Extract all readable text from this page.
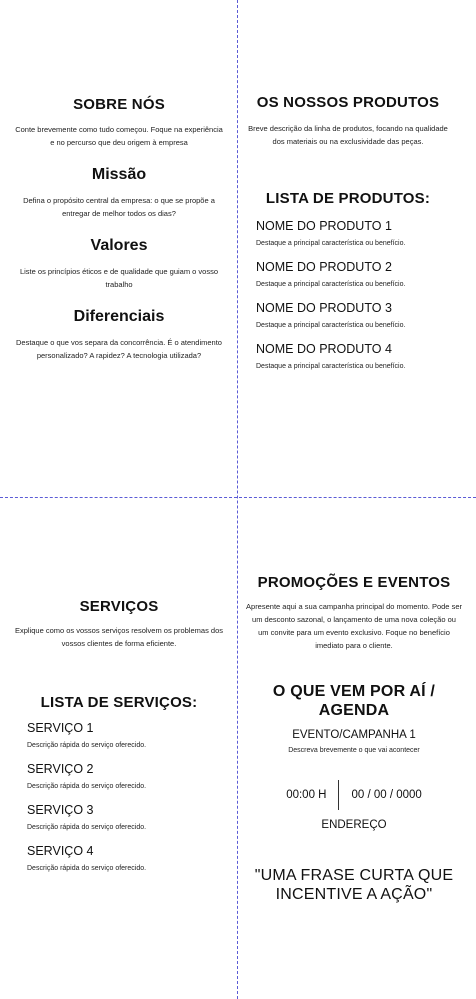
SOBRE NÓS

Conte brevemente como tudo começou. Foque na experiência e no percurso que deu origem à empresa

Missão

Defina o propósito central da empresa: o que se propõe a entregar de melhor todos os dias?

Valores

Liste os princípios éticos e de qualidade que guiam o vosso trabalho

Diferenciais

Destaque o que vos separa da concorrência. É o atendimento personalizado? A rapidez? A tecnologia utilizada?

OS NOSSOS PRODUTOS

Breve descrição da linha de produtos, focando na qualidade dos materiais ou na exclusividade das peças.

LISTA DE PRODUTOS:
NOME DO PRODUTO 1
Destaque a principal característica ou benefício.
NOME DO PRODUTO 2
Destaque a principal característica ou benefício.
NOME DO PRODUTO 3
Destaque a principal característica ou benefício.
NOME DO PRODUTO 4
Destaque a principal característica ou benefício.
SERVIÇOS

Explique como os vossos serviços resolvem os problemas dos vossos clientes de forma eficiente.

LISTA DE SERVIÇOS:
SERVIÇO 1
Descrição rápida do serviço oferecido.
SERVIÇO 2
Descrição rápida do serviço oferecido.
SERVIÇO 3
Descrição rápida do serviço oferecido.
SERVIÇO 4
Descrição rápida do serviço oferecido.
PROMOÇÕES E EVENTOS

Apresente aqui a sua campanha principal do momento. Pode ser um desconto sazonal, o lançamento de uma nova coleção ou um convite para um evento exclusivo. Foque no benefício imediato para o cliente.

O QUE VEM POR AÍ / AGENDA
EVENTO/CAMPANHA 1
Descreva brevemente o que vai acontecer
00:00 H	00 / 00 / 0000
ENDEREÇO
"UMA FRASE CURTA QUE INCENTIVE A AÇÃO"
